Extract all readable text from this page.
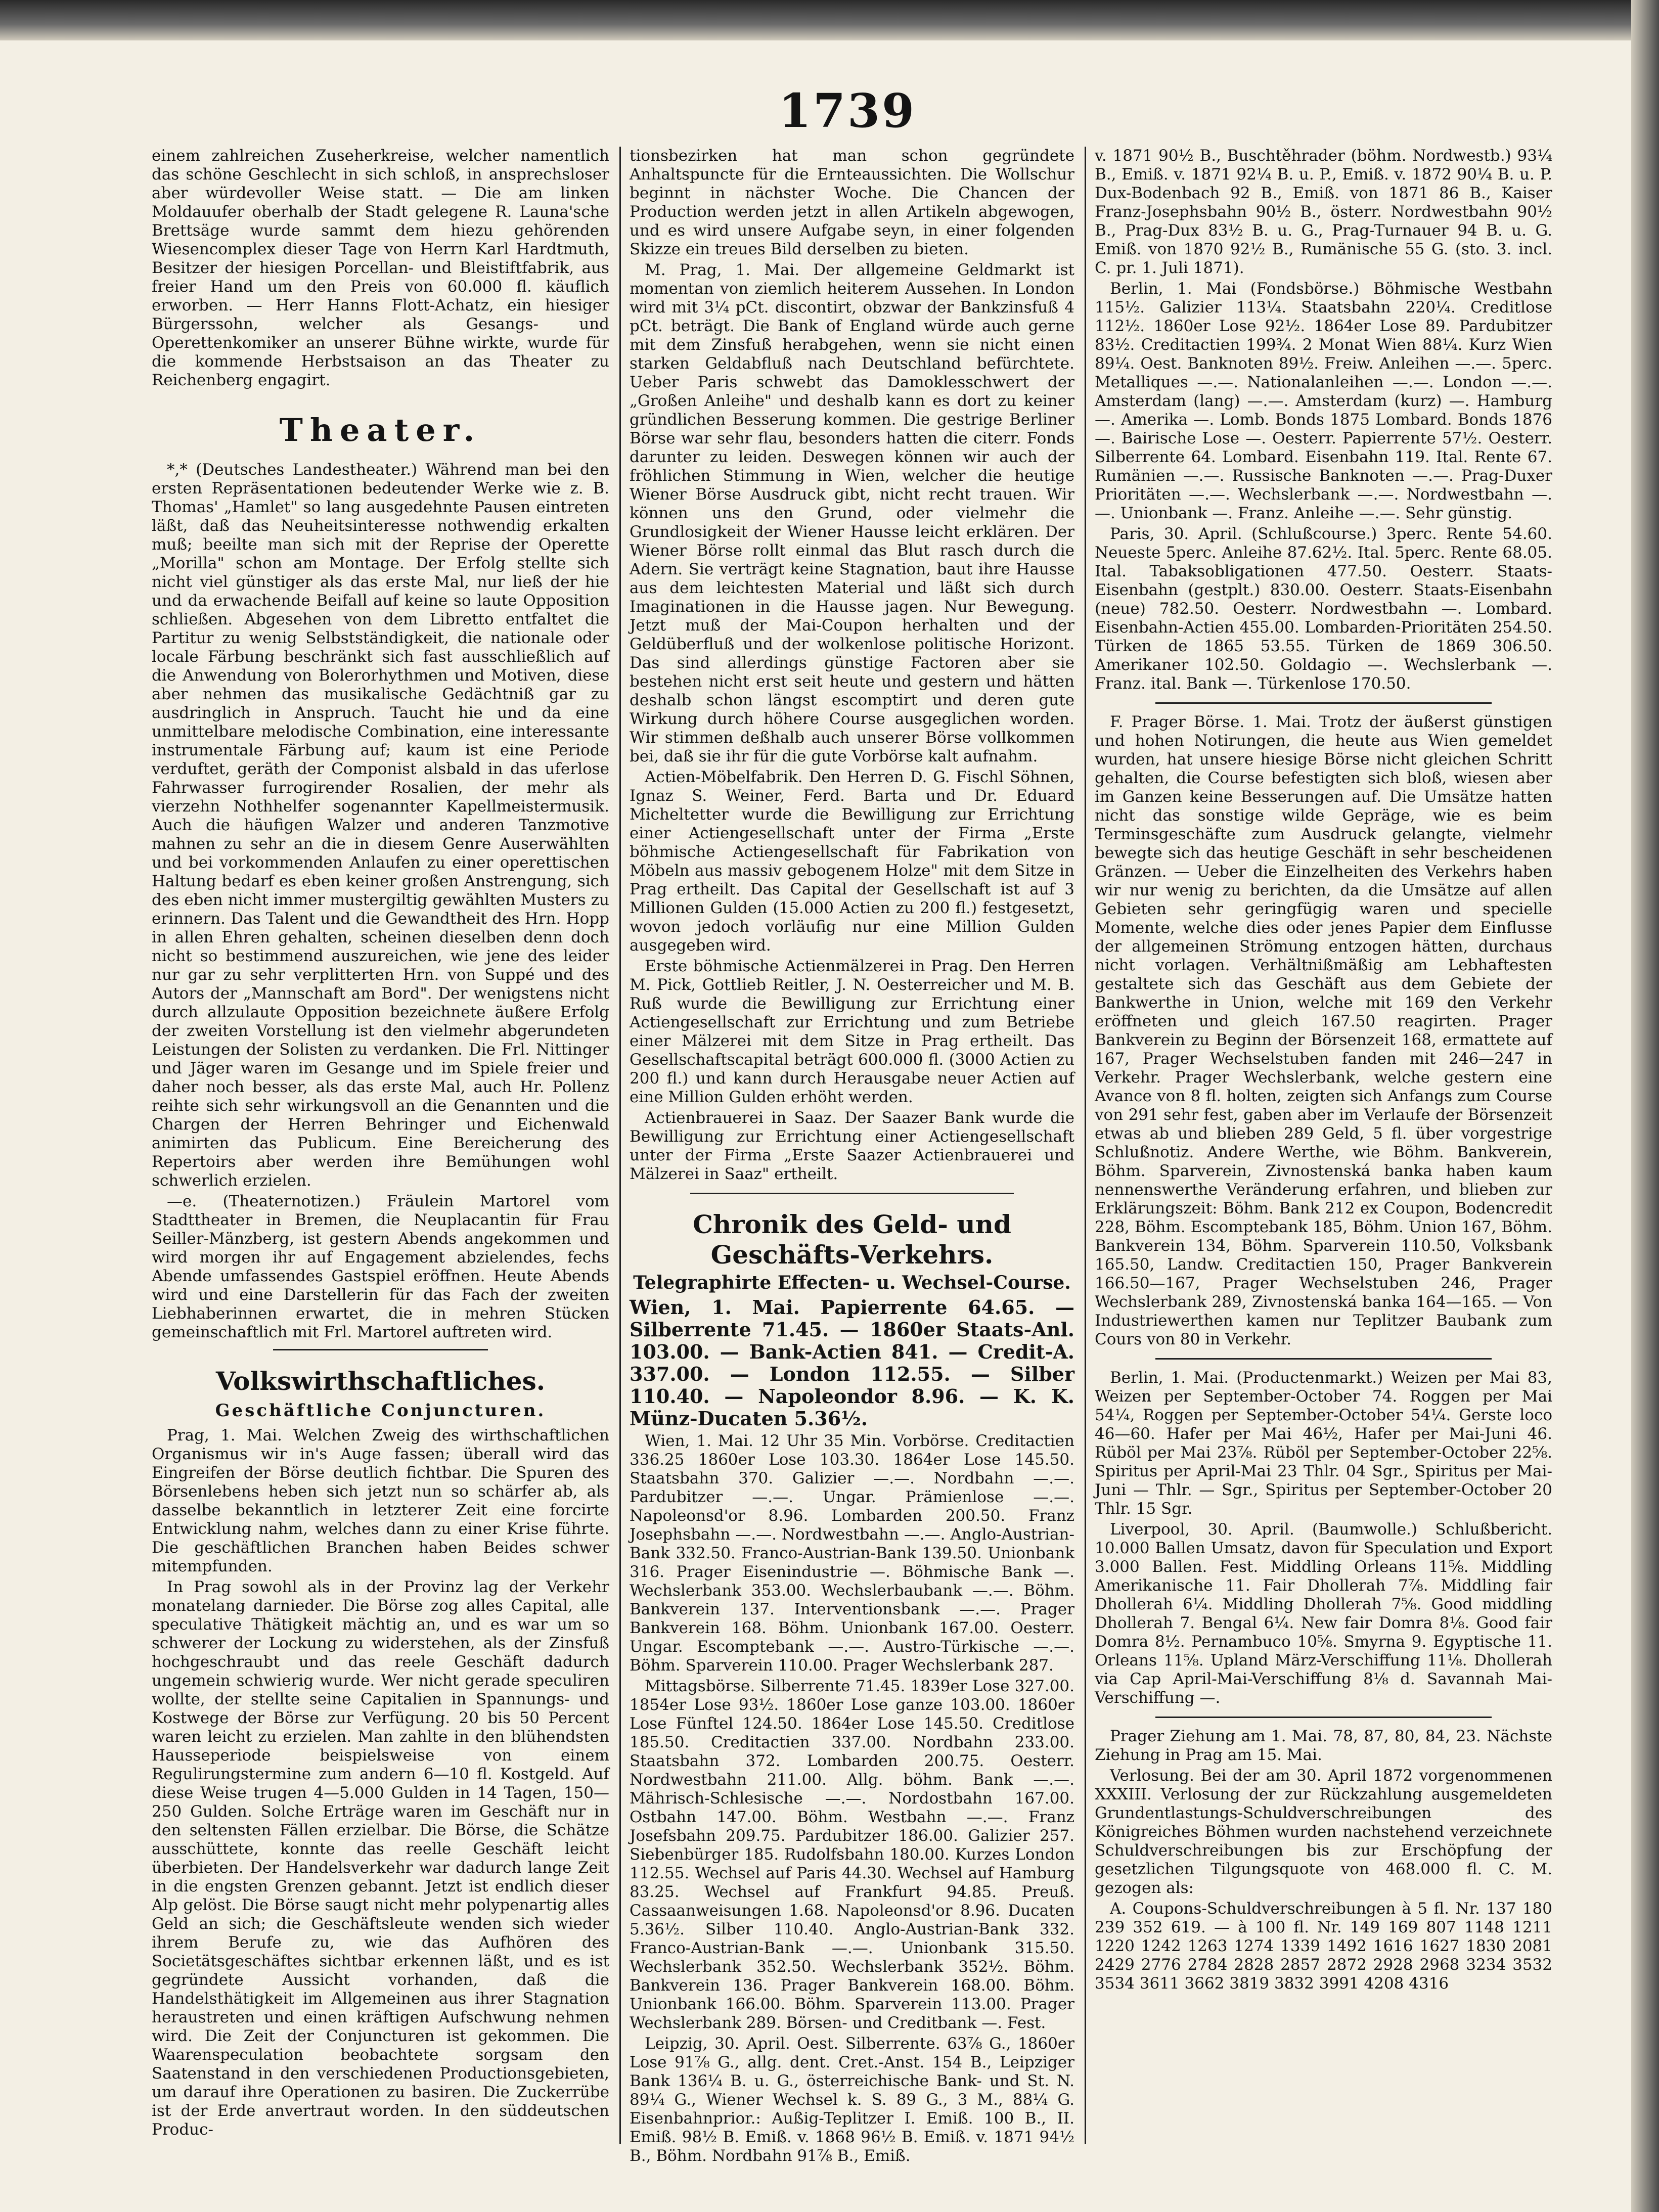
1739

einem zahlreichen Zuseherkreise, welcher namentlich das schöne Geschlecht in sich schloß, in ansprechsloser aber würdevoller Weise statt. — Die am linken Moldauufer oberhalb der Stadt gelegene R. Launa'sche Brettsäge wurde sammt dem hiezu gehörenden Wiesencomplex dieser Tage von Herrn Karl Hardtmuth, Besitzer der hiesigen Porcellan- und Bleistiftfabrik, aus freier Hand um den Preis von 60.000 fl. käuflich erworben. — Herr Hanns Flott-Achatz, ein hiesiger Bürgerssohn, welcher als Gesangs- und Operettenkomiker an unserer Bühne wirkte, wurde für die kommende Herbstsaison an das Theater zu Reichenberg engagirt.

Theater.

*,* (Deutsches Landestheater.) Während man bei den ersten Repräsentationen bedeutender Werke wie z. B. Thomas' „Hamlet" so lang ausgedehnte Pausen eintreten läßt, daß das Neuheitsinteresse nothwendig erkalten muß; beeilte man sich mit der Reprise der Operette „Morilla" schon am Montage. Der Erfolg stellte sich nicht viel günstiger als das erste Mal, nur ließ der hie und da erwachende Beifall auf keine so laute Opposition schließen. Abgesehen von dem Libretto entfaltet die Partitur zu wenig Selbstständigkeit, die nationale oder locale Färbung beschränkt sich fast ausschließlich auf die Anwendung von Bolerorhythmen und Motiven, diese aber nehmen das musikalische Gedächtniß gar zu ausdringlich in Anspruch. Taucht hie und da eine unmittelbare melodische Combination, eine interessante instrumentale Färbung auf; kaum ist eine Periode verduftet, geräth der Componist alsbald in das uferlose Fahrwasser furrogirender Rosalien, der mehr als vierzehn Nothhelfer sogenannter Kapellmeistermusik. Auch die häufigen Walzer und anderen Tanzmotive mahnen zu sehr an die in diesem Genre Auserwählten und bei vorkommenden Anlaufen zu einer operettischen Haltung bedarf es eben keiner großen Anstrengung, sich des eben nicht immer mustergiltig gewählten Musters zu erinnern. Das Talent und die Gewandtheit des Hrn. Hopp in allen Ehren gehalten, scheinen dieselben denn doch nicht so bestimmend auszureichen, wie jene des leider nur gar zu sehr verplitterten Hrn. von Suppé und des Autors der „Mannschaft am Bord". Der wenigstens nicht durch allzulaute Opposition bezeichnete äußere Erfolg der zweiten Vorstellung ist den vielmehr abgerundeten Leistungen der Solisten zu verdanken. Die Frl. Nittinger und Jäger waren im Gesange und im Spiele freier und daher noch besser, als das erste Mal, auch Hr. Pollenz reihte sich sehr wirkungsvoll an die Genannten und die Chargen der Herren Behringer und Eichenwald animirten das Publicum. Eine Bereicherung des Repertoirs aber werden ihre Bemühungen wohl schwerlich erzielen.

—e. (Theaternotizen.) Fräulein Martorel vom Stadttheater in Bremen, die Neuplacantin für Frau Seiller-Mänzberg, ist gestern Abends angekommen und wird morgen ihr auf Engagement abzielendes, fechs Abende umfassendes Gastspiel eröffnen. Heute Abends wird und eine Darstellerin für das Fach der zweiten Liebhaberinnen erwartet, die in mehren Stücken gemeinschaftlich mit Frl. Martorel auftreten wird.

Volkswirthschaftliches.
Geschäftliche Conjuncturen.

Prag, 1. Mai. Welchen Zweig des wirthschaftlichen Organismus wir in's Auge fassen; überall wird das Eingreifen der Börse deutlich fichtbar. Die Spuren des Börsenlebens heben sich jetzt nun so schärfer ab, als dasselbe bekanntlich in letzterer Zeit eine forcirte Entwicklung nahm, welches dann zu einer Krise führte. Die geschäftlichen Branchen haben Beides schwer mitempfunden.

In Prag sowohl als in der Provinz lag der Verkehr monatelang darnieder. Die Börse zog alles Capital, alle speculative Thätigkeit mächtig an, und es war um so schwerer der Lockung zu widerstehen, als der Zinsfuß hochgeschraubt und das reele Geschäft dadurch ungemein schwierig wurde. Wer nicht gerade speculiren wollte, der stellte seine Capitalien in Spannungs- und Kostwege der Börse zur Verfügung. 20 bis 50 Percent waren leicht zu erzielen. Man zahlte in den blühendsten Hausseperiode beispielsweise von einem Regulirungstermine zum andern 6—10 fl. Kostgeld. Auf diese Weise trugen 4—5.000 Gulden in 14 Tagen, 150—250 Gulden. Solche Erträge waren im Geschäft nur in den seltensten Fällen erzielbar. Die Börse, die Schätze ausschüttete, konnte das reelle Geschäft leicht überbieten. Der Handelsverkehr war dadurch lange Zeit in die engsten Grenzen gebannt. Jetzt ist endlich dieser Alp gelöst. Die Börse saugt nicht mehr polypenartig alles Geld an sich; die Geschäftsleute wenden sich wieder ihrem Berufe zu, wie das Aufhören des Societätsgeschäftes sichtbar erkennen läßt, und es ist gegründete Aussicht vorhanden, daß die Handelsthätigkeit im Allgemeinen aus ihrer Stagnation heraustreten und einen kräftigen Aufschwung nehmen wird. Die Zeit der Conjuncturen ist gekommen. Die Waarenspeculation beobachtete sorgsam den Saatenstand in den verschiedenen Productionsgebieten, um darauf ihre Operationen zu basiren. Die Zuckerrübe ist der Erde anvertraut worden. In den süddeutschen Produc-

tionsbezirken hat man schon gegründete Anhaltspuncte für die Ernteaussichten. Die Wollschur beginnt in nächster Woche. Die Chancen der Production werden jetzt in allen Artikeln abgewogen, und es wird unsere Aufgabe seyn, in einer folgenden Skizze ein treues Bild derselben zu bieten.

M. Prag, 1. Mai. Der allgemeine Geldmarkt ist momentan von ziemlich heiterem Aussehen. In London wird mit 3¼ pCt. discontirt, obzwar der Bankzinsfuß 4 pCt. beträgt. Die Bank of England würde auch gerne mit dem Zinsfuß herabgehen, wenn sie nicht einen starken Geldabfluß nach Deutschland befürchtete. Ueber Paris schwebt das Damoklesschwert der „Großen Anleihe" und deshalb kann es dort zu keiner gründlichen Besserung kommen. Die gestrige Berliner Börse war sehr flau, besonders hatten die citerr. Fonds darunter zu leiden. Deswegen können wir auch der fröhlichen Stimmung in Wien, welcher die heutige Wiener Börse Ausdruck gibt, nicht recht trauen. Wir können uns den Grund, oder vielmehr die Grundlosigkeit der Wiener Hausse leicht erklären. Der Wiener Börse rollt einmal das Blut rasch durch die Adern. Sie verträgt keine Stagnation, baut ihre Hausse aus dem leichtesten Material und läßt sich durch Imaginationen in die Hausse jagen. Nur Bewegung. Jetzt muß der Mai-Coupon herhalten und der Geldüberfluß und der wolkenlose politische Horizont. Das sind allerdings günstige Factoren aber sie bestehen nicht erst seit heute und gestern und hätten deshalb schon längst escomptirt und deren gute Wirkung durch höhere Course ausgeglichen worden. Wir stimmen deßhalb auch unserer Börse vollkommen bei, daß sie ihr für die gute Vorbörse kalt aufnahm.

Actien-Möbelfabrik. Den Herren D. G. Fischl Söhnen, Ignaz S. Weiner, Ferd. Barta und Dr. Eduard Micheltetter wurde die Bewilligung zur Errichtung einer Actiengesellschaft unter der Firma „Erste böhmische Actiengesellschaft für Fabrikation von Möbeln aus massiv gebogenem Holze" mit dem Sitze in Prag ertheilt. Das Capital der Gesellschaft ist auf 3 Millionen Gulden (15.000 Actien zu 200 fl.) festgesetzt, wovon jedoch vorläufig nur eine Million Gulden ausgegeben wird.

Erste böhmische Actienmälzerei in Prag. Den Herren M. Pick, Gottlieb Reitler, J. N. Oesterreicher und M. B. Ruß wurde die Bewilligung zur Errichtung einer Actiengesellschaft zur Errichtung und zum Betriebe einer Mälzerei mit dem Sitze in Prag ertheilt. Das Gesellschaftscapital beträgt 600.000 fl. (3000 Actien zu 200 fl.) und kann durch Herausgabe neuer Actien auf eine Million Gulden erhöht werden.

Actienbrauerei in Saaz. Der Saazer Bank wurde die Bewilligung zur Errichtung einer Actiengesellschaft unter der Firma „Erste Saazer Actienbrauerei und Mälzerei in Saaz" ertheilt.

Chronik des Geld- und Geschäfts-Verkehrs.
Telegraphirte Effecten- u. Wechsel-Course.

Wien, 1. Mai. Papierrente 64.65. — Silberrente 71.45. — 1860er Staats-Anl. 103.00. — Bank-Actien 841. — Credit-A. 337.00. — London 112.55. — Silber 110.40. — Napoleondor 8.96. — K. K. Münz-Ducaten 5.36½.

Wien, 1. Mai. 12 Uhr 35 Min. Vorbörse. Creditactien 336.25 1860er Lose 103.30. 1864er Lose 145.50. Staatsbahn 370. Galizier —.—. Nordbahn —.—. Pardubitzer —.—. Ungar. Prämienlose —.—. Napoleonsd'or 8.96. Lombarden 200.50. Franz Josephsbahn —.—. Nordwestbahn —.—. Anglo-Austrian-Bank 332.50. Franco-Austrian-Bank 139.50. Unionbank 316. Prager Eisenindustrie —. Böhmische Bank —. Wechslerbank 353.00. Wechslerbaubank —.—. Böhm. Bankverein 137. Interventionsbank —.—. Prager Bankverein 168. Böhm. Unionbank 167.00. Oesterr. Ungar. Escomptebank —.—. Austro-Türkische —.—. Böhm. Sparverein 110.00. Prager Wechslerbank 287.

Mittagsbörse. Silberrente 71.45. 1839er Lose 327.00. 1854er Lose 93½. 1860er Lose ganze 103.00. 1860er Lose Fünftel 124.50. 1864er Lose 145.50. Creditlose 185.50. Creditactien 337.00. Nordbahn 233.00. Staatsbahn 372. Lombarden 200.75. Oesterr. Nordwestbahn 211.00. Allg. böhm. Bank —.—. Mährisch-Schlesische —.—. Nordostbahn 167.00. Ostbahn 147.00. Böhm. Westbahn —.—. Franz Josefsbahn 209.75. Pardubitzer 186.00. Galizier 257. Siebenbürger 185. Rudolfsbahn 180.00. Kurzes London 112.55. Wechsel auf Paris 44.30. Wechsel auf Hamburg 83.25. Wechsel auf Frankfurt 94.85. Preuß. Cassaanweisungen 1.68. Napoleonsd'or 8.96. Ducaten 5.36½. Silber 110.40. Anglo-Austrian-Bank 332. Franco-Austrian-Bank —.—. Unionbank 315.50. Wechslerbank 352.50. Wechslerbank 352½. Böhm. Bankverein 136. Prager Bankverein 168.00. Böhm. Unionbank 166.00. Böhm. Sparverein 113.00. Prager Wechslerbank 289. Börsen- und Creditbank —. Fest.

Leipzig, 30. April. Oest. Silberrente. 63⅞ G., 1860er Lose 91⅞ G., allg. dent. Cret.-Anst. 154 B., Leipziger Bank 136¼ B. u. G., österreichische Bank- und St. N. 89¼ G., Wiener Wechsel k. S. 89 G., 3 M., 88¼ G. Eisenbahnprior.: Außig-Teplitzer I. Emiß. 100 B., II. Emiß. 98½ B. Emiß. v. 1868 96½ B. Emiß. v. 1871 94½ B., Böhm. Nordbahn 91⅞ B., Emiß.

v. 1871 90½ B., Buschtěhrader (böhm. Nordwestb.) 93¼ B., Emiß. v. 1871 92¼ B. u. P., Emiß. v. 1872 90¼ B. u. P. Dux-Bodenbach 92 B., Emiß. von 1871 86 B., Kaiser Franz-Josephsbahn 90½ B., österr. Nordwestbahn 90½ B., Prag-Dux 83½ B. u. G., Prag-Turnauer 94 B. u. G. Emiß. von 1870 92½ B., Rumänische 55 G. (sto. 3. incl. C. pr. 1. Juli 1871).

Berlin, 1. Mai (Fondsbörse.) Böhmische Westbahn 115½. Galizier 113¼. Staatsbahn 220¼. Creditlose 112½. 1860er Lose 92½. 1864er Lose 89. Pardubitzer 83½. Creditactien 199¾. 2 Monat Wien 88¼. Kurz Wien 89¼. Oest. Banknoten 89½. Freiw. Anleihen —.—. 5perc. Metalliques —.—. Nationalanleihen —.—. London —.—. Amsterdam (lang) —.—. Amsterdam (kurz) —. Hamburg —. Amerika —. Lomb. Bonds 1875 Lombard. Bonds 1876 —. Bairische Lose —. Oesterr. Papierrente 57½. Oesterr. Silberrente 64. Lombard. Eisenbahn 119. Ital. Rente 67. Rumänien —.—. Russische Banknoten —.—. Prag-Duxer Prioritäten —.—. Wechslerbank —.—. Nordwestbahn —.—. Unionbank —. Franz. Anleihe —.—. Sehr günstig.

Paris, 30. April. (Schlußcourse.) 3perc. Rente 54.60. Neueste 5perc. Anleihe 87.62½. Ital. 5perc. Rente 68.05. Ital. Tabaksobligationen 477.50. Oesterr. Staats-Eisenbahn (gestplt.) 830.00. Oesterr. Staats-Eisenbahn (neue) 782.50. Oesterr. Nordwestbahn —. Lombard. Eisenbahn-Actien 455.00. Lombarden-Prioritäten 254.50. Türken de 1865 53.55. Türken de 1869 306.50. Amerikaner 102.50. Goldagio —. Wechslerbank —. Franz. ital. Bank —. Türkenlose 170.50.

F. Prager Börse. 1. Mai. Trotz der äußerst günstigen und hohen Notirungen, die heute aus Wien gemeldet wurden, hat unsere hiesige Börse nicht gleichen Schritt gehalten, die Course befestigten sich bloß, wiesen aber im Ganzen keine Besserungen auf. Die Umsätze hatten nicht das sonstige wilde Gepräge, wie es beim Terminsgeschäfte zum Ausdruck gelangte, vielmehr bewegte sich das heutige Geschäft in sehr bescheidenen Gränzen. — Ueber die Einzelheiten des Verkehrs haben wir nur wenig zu berichten, da die Umsätze auf allen Gebieten sehr geringfügig waren und specielle Momente, welche dies oder jenes Papier dem Einflusse der allgemeinen Strömung entzogen hätten, durchaus nicht vorlagen. Verhältnißmäßig am Lebhaftesten gestaltete sich das Geschäft aus dem Gebiete der Bankwerthe in Union, welche mit 169 den Verkehr eröffneten und gleich 167.50 reagirten. Prager Bankverein zu Beginn der Börsenzeit 168, ermattete auf 167, Prager Wechselstuben fanden mit 246—247 in Verkehr. Prager Wechslerbank, welche gestern eine Avance von 8 fl. holten, zeigten sich Anfangs zum Course von 291 sehr fest, gaben aber im Verlaufe der Börsenzeit etwas ab und blieben 289 Geld, 5 fl. über vorgestrige Schlußnotiz. Andere Werthe, wie Böhm. Bankverein, Böhm. Sparverein, Zivnostenská banka haben kaum nennenswerthe Veränderung erfahren, und blieben zur Erklärungszeit: Böhm. Bank 212 ex Coupon, Bodencredit 228, Böhm. Escomptebank 185, Böhm. Union 167, Böhm. Bankverein 134, Böhm. Sparverein 110.50, Volksbank 165.50, Landw. Creditactien 150, Prager Bankverein 166.50—167, Prager Wechselstuben 246, Prager Wechslerbank 289, Zivnostenská banka 164—165. — Von Industriewerthen kamen nur Teplitzer Baubank zum Cours von 80 in Verkehr.

Berlin, 1. Mai. (Productenmarkt.) Weizen per Mai 83, Weizen per September-October 74. Roggen per Mai 54¼, Roggen per September-October 54¼. Gerste loco 46—60. Hafer per Mai 46½, Hafer per Mai-Juni 46. Rüböl per Mai 23⅞. Rüböl per September-October 22⅝. Spiritus per April-Mai 23 Thlr. 04 Sgr., Spiritus per Mai-Juni — Thlr. — Sgr., Spiritus per September-October 20 Thlr. 15 Sgr.

Liverpool, 30. April. (Baumwolle.) Schlußbericht. 10.000 Ballen Umsatz, davon für Speculation und Export 3.000 Ballen. Fest. Middling Orleans 11⅝. Middling Amerikanische 11. Fair Dhollerah 7⅞. Middling fair Dhollerah 6¼. Middling Dhollerah 7⅝. Good middling Dhollerah 7. Bengal 6¼. New fair Domra 8⅛. Good fair Domra 8½. Pernambuco 10⅝. Smyrna 9. Egyptische 11. Orleans 11⅝. Upland März-Verschiffung 11⅛. Dhollerah via Cap April-Mai-Verschiffung 8⅛ d. Savannah Mai-Verschiffung —.

Prager Ziehung am 1. Mai. 78, 87, 80, 84, 23. Nächste Ziehung in Prag am 15. Mai.

Verlosung. Bei der am 30. April 1872 vorgenommenen XXXIII. Verlosung der zur Rückzahlung ausgemeldeten Grundentlastungs-Schuldverschreibungen des Königreiches Böhmen wurden nachstehend verzeichnete Schuldverschreibungen bis zur Erschöpfung der gesetzlichen Tilgungsquote von 468.000 fl. C. M. gezogen als:

A. Coupons-Schuldverschreibungen à 5 fl. Nr. 137 180 239 352 619. — à 100 fl. Nr. 149 169 807 1148 1211 1220 1242 1263 1274 1339 1492 1616 1627 1830 2081 2429 2776 2784 2828 2857 2872 2928 2968 3234 3532 3534 3611 3662 3819 3832 3991 4208 4316
